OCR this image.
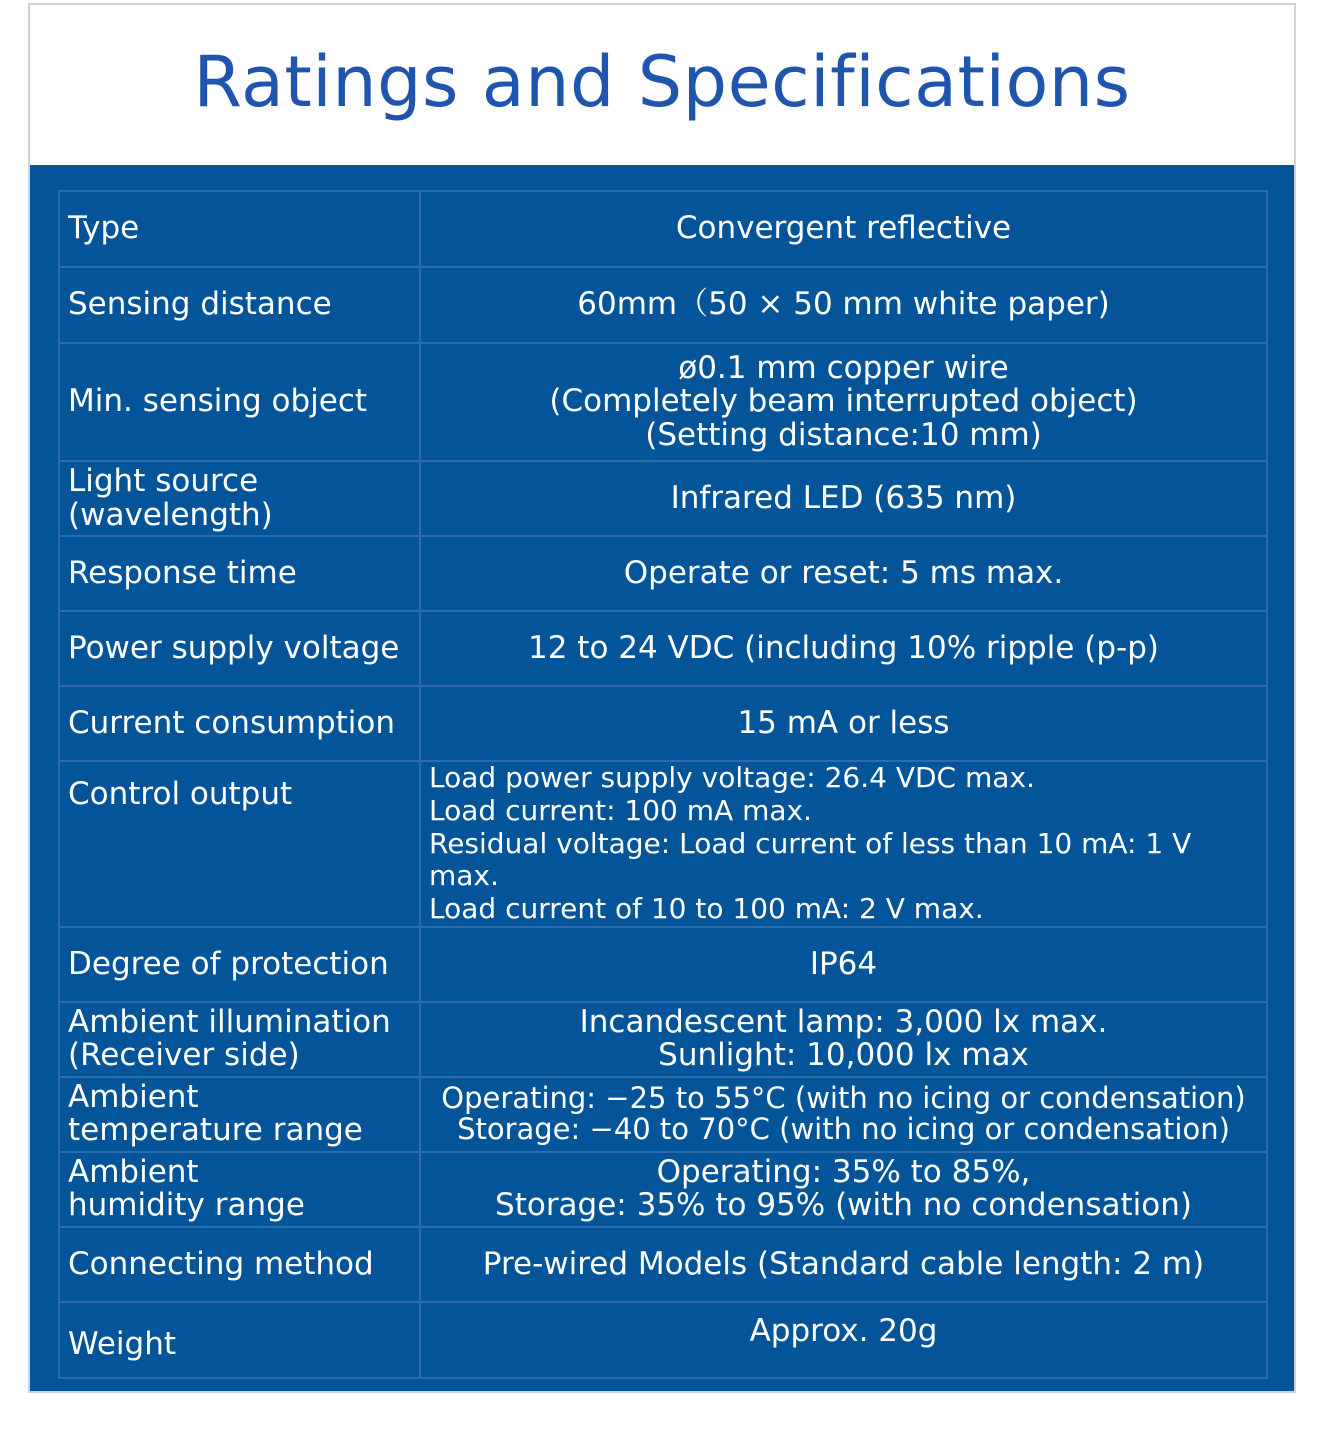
Ratings and Specifications
Type	Convergent reflective

Sensing distance	60mm（50 × 50 mm white paper)

Min. sensing object	ø0.1 mm copper wire
(Completely beam interrupted object)
(Setting distance:10 mm)

Light source
(wavelength)	Infrared LED (635 nm)

Response time	Operate or reset: 5 ms max.

Power supply voltage	12 to 24 VDC (including 10% ripple (p-p)

Current consumption	15 mA or less

Control output	Load power supply voltage: 26.4 VDC max.
Load current: 100 mA max.
Residual voltage: Load current of less than 10 mA: 1 V max.
Load current of 10 to 100 mA: 2 V max.

Degree of protection	IP64

Ambient illumination
(Receiver side)	Incandescent lamp: 3,000 lx max.
Sunlight: 10,000 lx max

Ambient
temperature range	Operating: −25 to 55°C (with no icing or condensation)
Storage: −40 to 70°C (with no icing or condensation)

Ambient
humidity range	Operating: 35% to 85%,
Storage: 35% to 95% (with no condensation)

Connecting method	Pre-wired Models (Standard cable length: 2 m)

Weight	Approx. 20g
